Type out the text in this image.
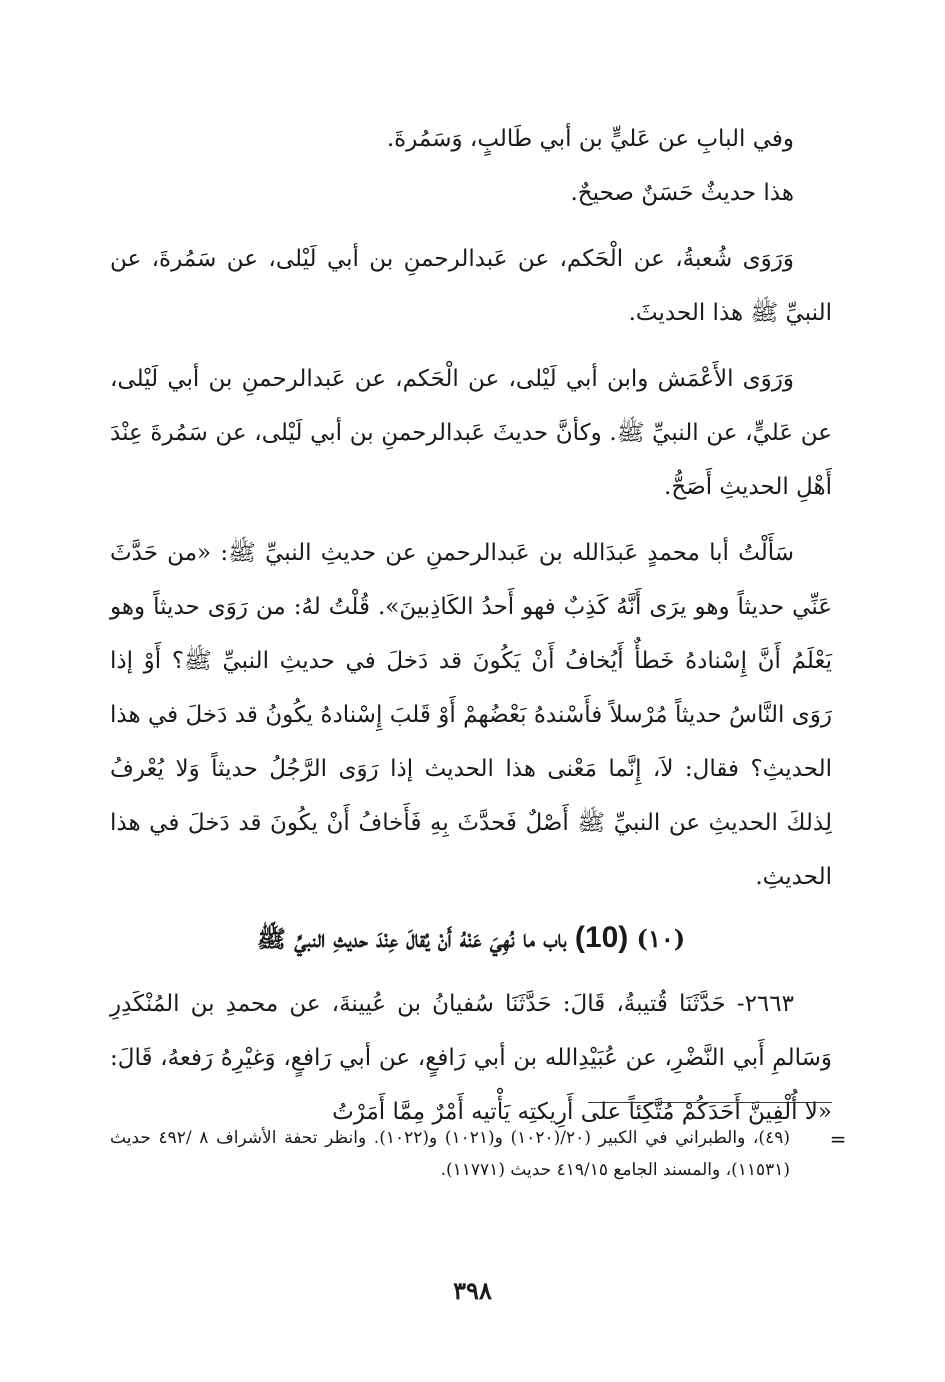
وفي البابِ عن عَليٍّ بن أبي طَالبٍ، وَسَمُرةَ.

هذا حديثٌ حَسَنٌ صحيحٌ.

وَرَوَى شُعبةُ، عن الْحَكم، عن عَبدالرحمنِ بن أبي لَيْلى، عن سَمُرةَ، عن النبيِّ ﷺ هذا الحديثَ.

وَرَوَى الأَعْمَش وابن أبي لَيْلى، عن الْحَكم، عن عَبدالرحمنِ بن أبي لَيْلى، عن عَليٍّ، عن النبيِّ ﷺ. وكأنَّ حديثَ عَبدالرحمنِ بن أبي لَيْلى، عن سَمُرةَ عِنْدَ أَهْلِ الحديثِ أَصَحُّ.

سَأَلْتُ أبا محمدٍ عَبدَالله بن عَبدالرحمنِ عن حديثِ النبيِّ ﷺ: «من حَدَّثَ عَنِّي حديثاً وهو يرَى أَنَّهُ كَذِبٌ فهو أَحدُ الكَاذِبينَ». قُلْتُ لهُ: من رَوَى حديثاً وهو يَعْلَمُ أَنَّ إِسْنادهُ خَطأٌ أَيُخافُ أَنْ يَكُونَ قد دَخلَ في حديثِ النبيِّ ﷺ؟ أَوْ إذا رَوَى النَّاسُ حديثاً مُرْسلاً فأَسْندهُ بَعْضُهمْ أَوْ قَلبَ إِسْنادهُ يكُونُ قد دَخلَ في هذا الحديثِ؟ فقال: لاَ، إِنَّما مَعْنى هذا الحديث إذا رَوَى الرَّجُلُ حديثاً وَلا يُعْرفُ لِذلكَ الحديثِ عن النبيِّ ﷺ أَصْلٌ فَحدَّثَ بِهِ فَأَخافُ أَنْ يكُونَ قد دَخلَ في هذا الحديثِ.

(١٠) (10) باب ما نُهِيَ عَنْهُ أَنْ يُقالَ عِنْدَ حديثِ النبيِّ ﷺ

٢٦٦٣- حَدَّثَنَا قُتيبةُ، قَالَ: حَدَّثَنَا سُفيانُ بن عُيينةَ، عن محمدِ بن المُنْكَدِرِ وَسَالمِ أَبي النَّضْرِ، عن عُبَيْدِالله بن أبي رَافعٍ، عن أبي رَافعٍ، وَغيْرِهُ رَفعهُ، قَالَ: «لا أُلْفِينَّ أَحَدَكُمْ مُتَّكِئاً على أَرِيكتِه يَأْتيه أَمْرٌ مِمَّا أَمَرْتُ

=
(٤٩)، والطبراني في الكبير (٢٠/(١٠٢٠) و(١٠٢١) و(١٠٢٢). وانظر تحفة الأشراف ٨ /٤٩٢ حديث (١١٥٣١)، والمسند الجامع ٤١٩/١٥ حديث (١١٧٧١).
٣٩٨
